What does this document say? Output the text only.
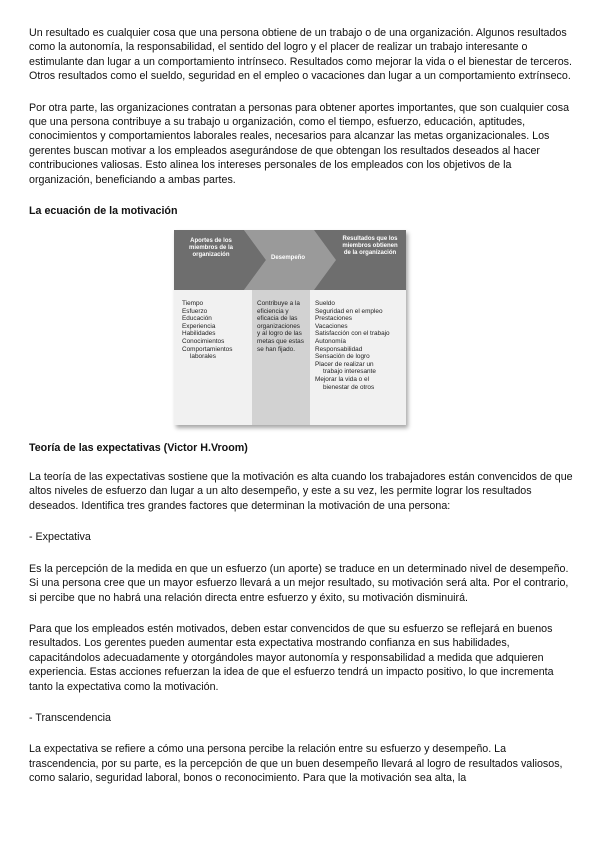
Un resultado es cualquier cosa que una persona obtiene de un trabajo o de una organización. Algunos resultados como la autonomía, la responsabilidad, el sentido del logro y el placer de realizar un trabajo interesante o estimulante dan lugar a un comportamiento intrínseco. Resultados como mejorar la vida o el bienestar de terceros. Otros resultados como el sueldo, seguridad en el empleo o vacaciones dan lugar a un comportamiento extrínseco.

Por otra parte, las organizaciones contratan a personas para obtener aportes importantes, que son cualquier cosa que una persona contribuye a su trabajo u organización, como el tiempo, esfuerzo, educación, aptitudes, conocimientos y comportamientos laborales reales, necesarios para alcanzar las metas organizacionales. Los gerentes buscan motivar a los empleados asegurándose de que obtengan los resultados deseados al hacer contribuciones valiosas. Esto alinea los intereses personales de los empleados con los objetivos de la organización, beneficiando a ambas partes.

La ecuación de la motivación
Aportes de los miembros de la organización	Desempeño
Resultados que los miembros obtienen de la organización
Tiempo
Esfuerzo
Educación
Experiencia
Habilidades
Conocimientos
Comportamientos
laborales
Contribuye a la
eficiencia y
eficacia de las
organizaciones
y al logro de las
metas que estas
se han fijado.
Sueldo
Seguridad en el empleo
Prestaciones
Vacaciones
Satisfacción con el trabajo
Autonomía
Responsabilidad
Sensación de logro
Placer de realizar un
trabajo interesante
Mejorar la vida o el
bienestar de otros
Teoría de las expectativas (Victor H.Vroom)

La teoría de las expectativas sostiene que la motivación es alta cuando los trabajadores están convencidos de que altos niveles de esfuerzo dan lugar a un alto desempeño, y este a su vez, les permite lograr los resultados deseados. Identifica tres grandes factores que determinan la motivación de una persona:

- Expectativa

Es la percepción de la medida en que un esfuerzo (un aporte) se traduce en un determinado nivel de desempeño. Si una persona cree que un mayor esfuerzo llevará a un mejor resultado, su motivación será alta. Por el contrario, si percibe que no habrá una relación directa entre esfuerzo y éxito, su motivación disminuirá.

Para que los empleados estén motivados, deben estar convencidos de que su esfuerzo se reflejará en buenos resultados. Los gerentes pueden aumentar esta expectativa mostrando confianza en sus habilidades, capacitándolos adecuadamente y otorgándoles mayor autonomía y responsabilidad a medida que adquieren experiencia. Estas acciones refuerzan la idea de que el esfuerzo tendrá un impacto positivo, lo que incrementa tanto la expectativa como la motivación.

- Transcendencia

La expectativa se refiere a cómo una persona percibe la relación entre su esfuerzo y desempeño. La trascendencia, por su parte, es la percepción de que un buen desempeño llevará al logro de resultados valiosos, como salario, seguridad laboral, bonos o reconocimiento. Para que la motivación sea alta, la
